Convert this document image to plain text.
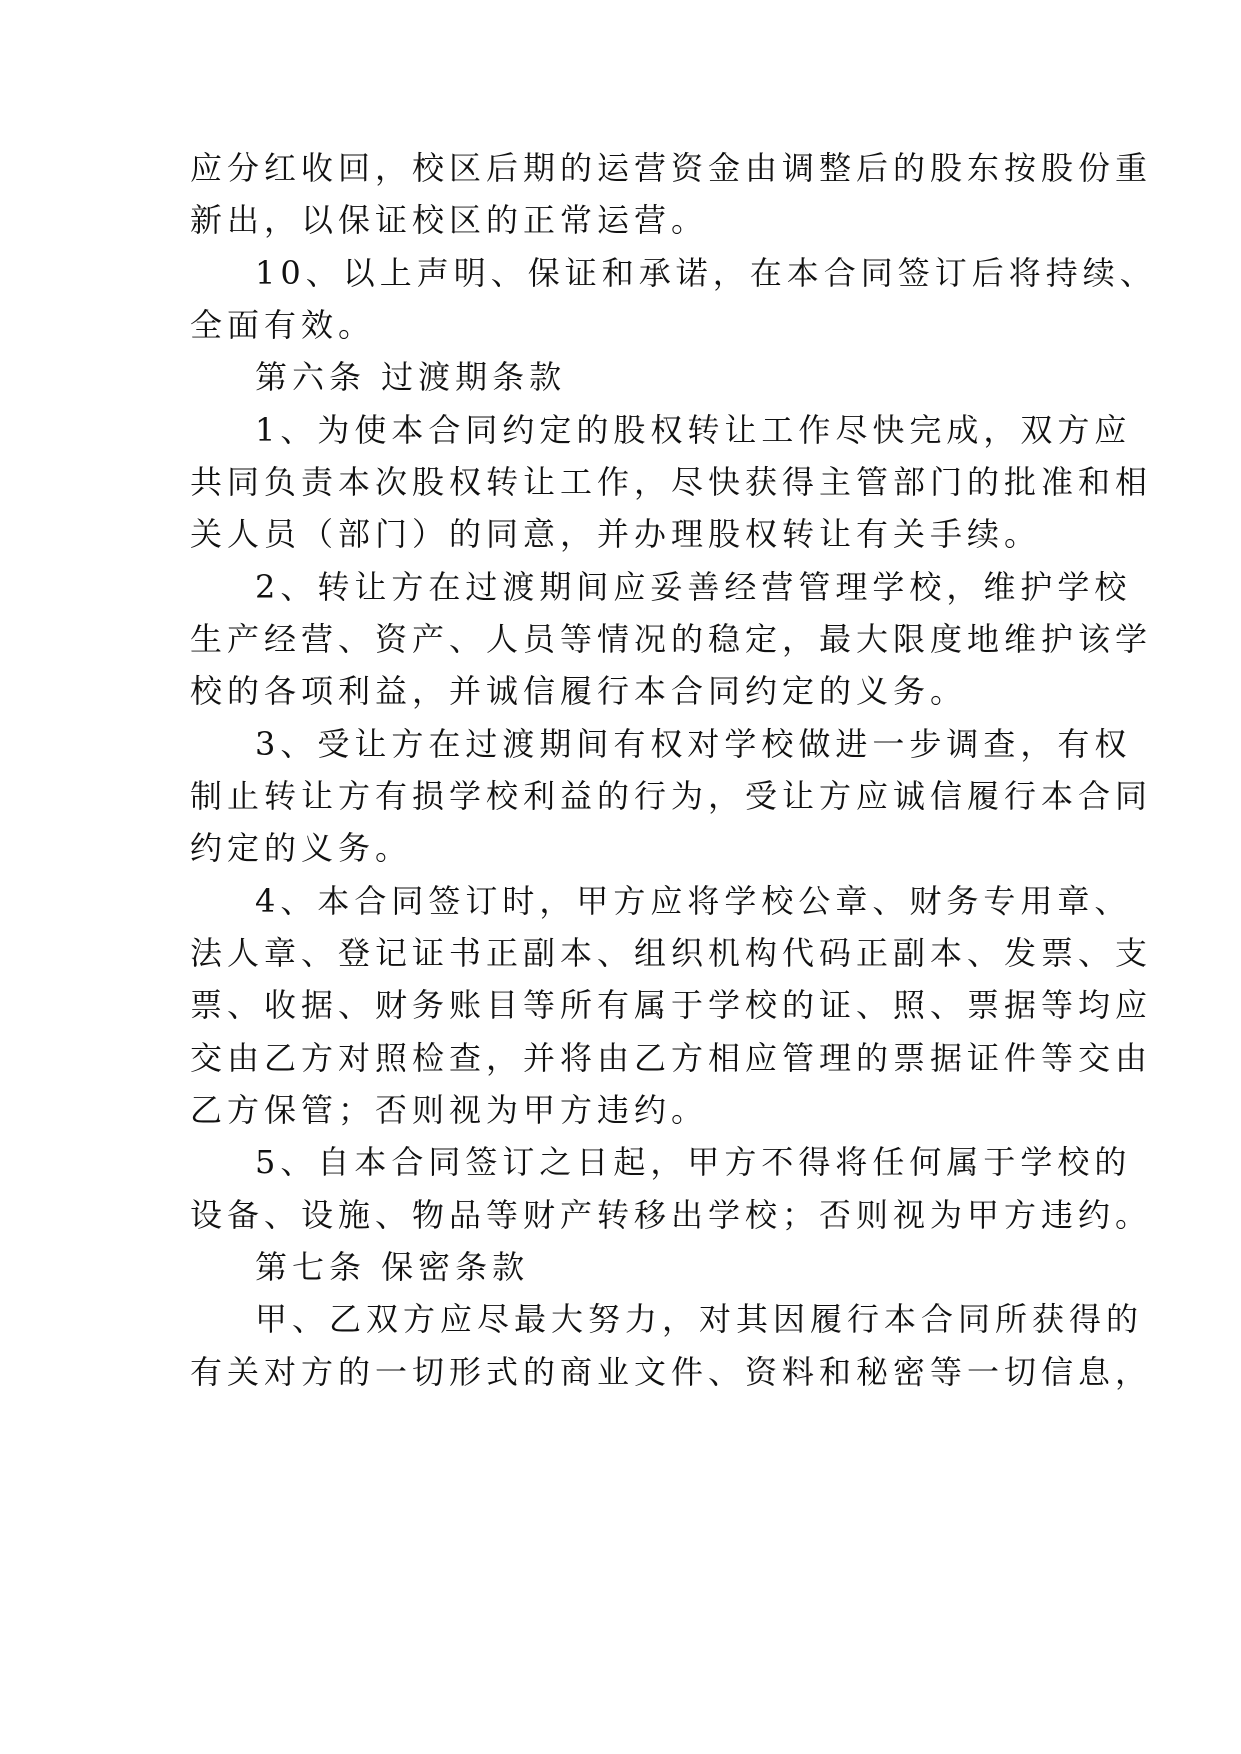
应分红收回，校区后期的运营资金由调整后的股东按股份重
新出，以保证校区的正常运营。
10、以上声明、保证和承诺，在本合同签订后将持续、
全面有效。
第六条 过渡期条款
1、为使本合同约定的股权转让工作尽快完成，双方应
共同负责本次股权转让工作，尽快获得主管部门的批准和相
关人员（部门）的同意，并办理股权转让有关手续。
2、转让方在过渡期间应妥善经营管理学校，维护学校
生产经营、资产、人员等情况的稳定，最大限度地维护该学
校的各项利益，并诚信履行本合同约定的义务。
3、受让方在过渡期间有权对学校做进一步调查，有权
制止转让方有损学校利益的行为，受让方应诚信履行本合同
约定的义务。
4、本合同签订时，甲方应将学校公章、财务专用章、
法人章、登记证书正副本、组织机构代码正副本、发票、支
票、收据、财务账目等所有属于学校的证、照、票据等均应
交由乙方对照检查，并将由乙方相应管理的票据证件等交由
乙方保管；否则视为甲方违约。
5、自本合同签订之日起，甲方不得将任何属于学校的
设备、设施、物品等财产转移出学校；否则视为甲方违约。
第七条 保密条款
甲、乙双方应尽最大努力，对其因履行本合同所获得的
有关对方的一切形式的商业文件、资料和秘密等一切信息，
